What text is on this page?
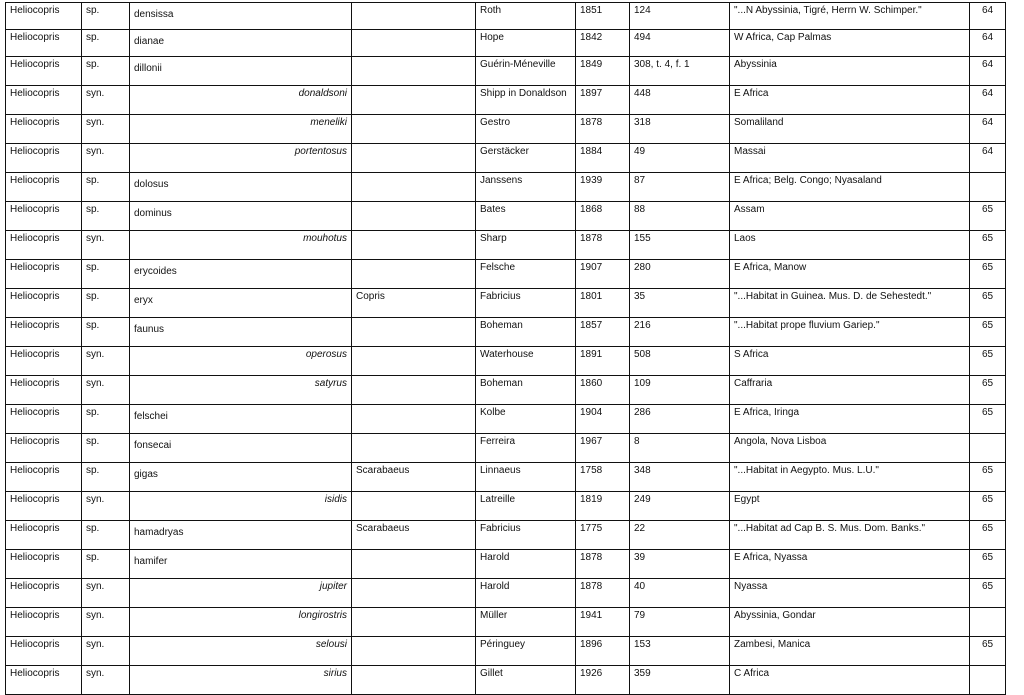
Heliocopris	sp.	densissa		Roth	1851	124	"...N Abyssinia, Tigré, Herrn W. Schimper."	64
Heliocopris	sp.	dianae		Hope	1842	494	W Africa, Cap Palmas	64
Heliocopris	sp.	dillonii		Guérin-Méneville	1849	308, t. 4, f. 1	Abyssinia	64
Heliocopris	syn.	donaldsoni		Shipp in Donaldson	1897	448	E Africa	64
Heliocopris	syn.	meneliki		Gestro	1878	318	Somaliland	64
Heliocopris	syn.	portentosus		Gerstäcker	1884	49	Massai	64
Heliocopris	sp.	dolosus		Janssens	1939	87	E Africa; Belg. Congo; Nyasaland	
Heliocopris	sp.	dominus		Bates	1868	88	Assam	65
Heliocopris	syn.	mouhotus		Sharp	1878	155	Laos	65
Heliocopris	sp.	erycoides		Felsche	1907	280	E Africa, Manow	65
Heliocopris	sp.	eryx	Copris	Fabricius	1801	35	"...Habitat in Guinea. Mus. D. de Sehestedt."	65
Heliocopris	sp.	faunus		Boheman	1857	216	"...Habitat prope fluvium Gariep."	65
Heliocopris	syn.	operosus		Waterhouse	1891	508	S Africa	65
Heliocopris	syn.	satyrus		Boheman	1860	109	Caffraria	65
Heliocopris	sp.	felschei		Kolbe	1904	286	E Africa, Iringa	65
Heliocopris	sp.	fonsecai		Ferreira	1967	8	Angola, Nova Lisboa	
Heliocopris	sp.	gigas	Scarabaeus	Linnaeus	1758	348	"...Habitat in Aegypto. Mus. L.U."	65
Heliocopris	syn.	isidis		Latreille	1819	249	Egypt	65
Heliocopris	sp.	hamadryas	Scarabaeus	Fabricius	1775	22	"...Habitat ad Cap B. S. Mus. Dom. Banks."	65
Heliocopris	sp.	hamifer		Harold	1878	39	E Africa, Nyassa	65
Heliocopris	syn.	jupiter		Harold	1878	40	Nyassa	65
Heliocopris	syn.	longirostris		Müller	1941	79	Abyssinia, Gondar	
Heliocopris	syn.	selousi		Péringuey	1896	153	Zambesi, Manica	65
Heliocopris	syn.	sirius		Gillet	1926	359	C Africa	
